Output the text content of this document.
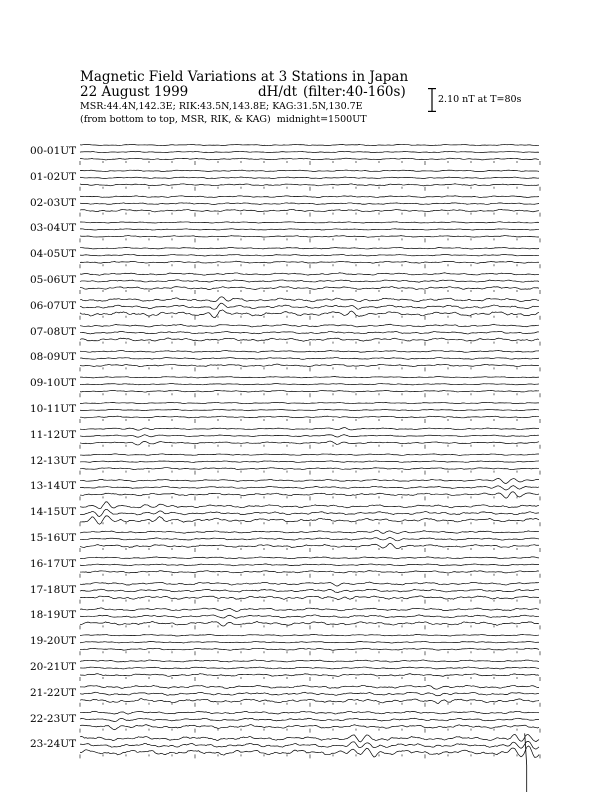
Magnetic Field Variations at 3 Stations in Japan
22 August 1999	dH/dt (filter:40-160s)
MSR:44.4N,142.3E; RIK:43.5N,143.8E; KAG:31.5N,130.7E
(from bottom to top, MSR, RIK, & KAG) midnight=1500UT
2.10 nT at T=80s
00-01UT
01-02UT
02-03UT
03-04UT
04-05UT
05-06UT
06-07UT
07-08UT
08-09UT
09-10UT
10-11UT
11-12UT
12-13UT
13-14UT
14-15UT
15-16UT
16-17UT
17-18UT
18-19UT
19-20UT
20-21UT
21-22UT
22-23UT
23-24UT
